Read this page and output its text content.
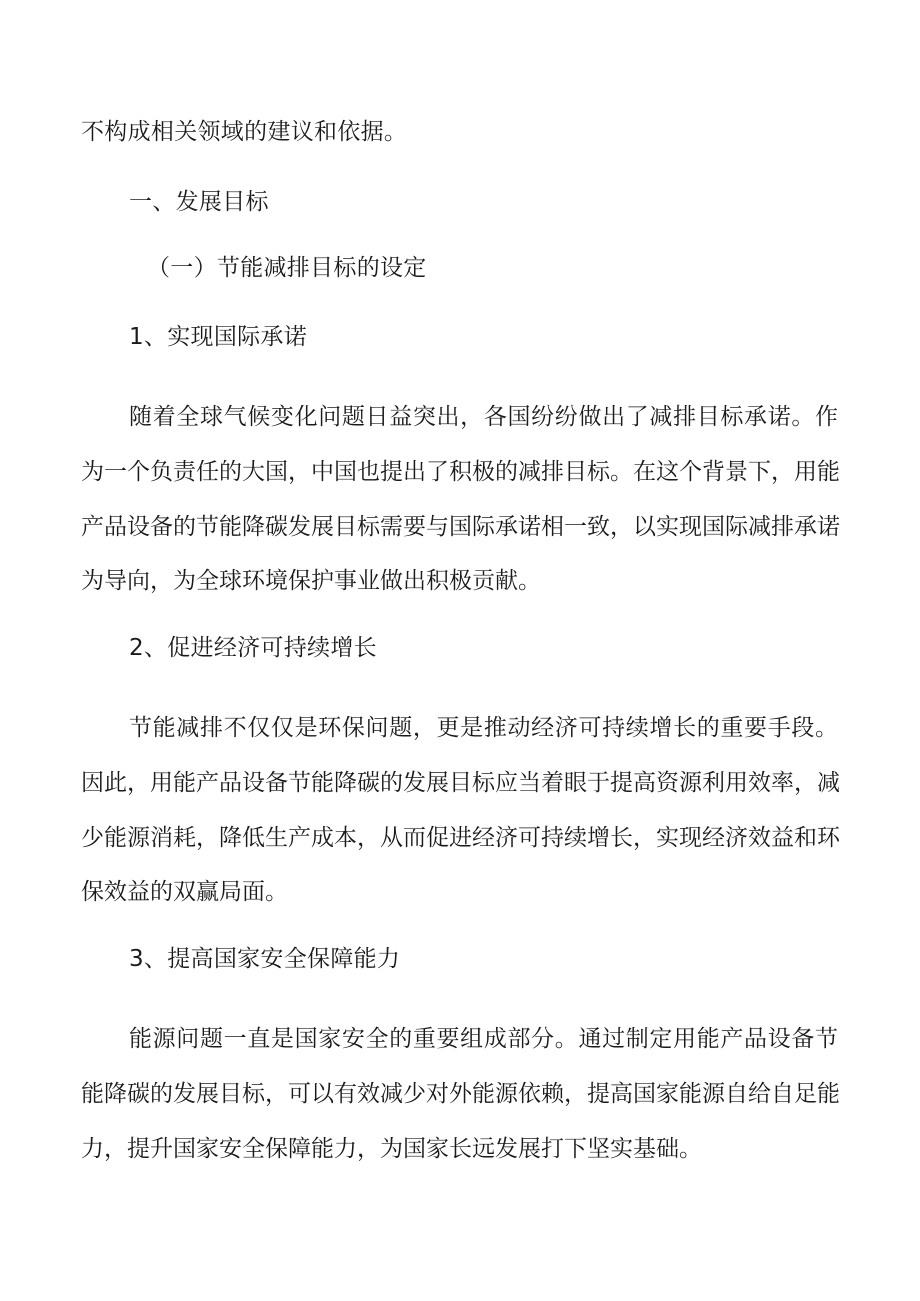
不构成相关领域的建议和依据。
一、发展目标
（一）节能减排目标的设定
1、实现国际承诺
随着全球气候变化问题日益突出，各国纷纷做出了减排目标承诺。作
为一个负责任的大国，中国也提出了积极的减排目标。在这个背景下，用能
产品设备的节能降碳发展目标需要与国际承诺相一致，以实现国际减排承诺
为导向，为全球环境保护事业做出积极贡献。
2、促进经济可持续增长
节能减排不仅仅是环保问题，更是推动经济可持续增长的重要手段。
因此，用能产品设备节能降碳的发展目标应当着眼于提高资源利用效率，减
少能源消耗，降低生产成本，从而促进经济可持续增长，实现经济效益和环
保效益的双赢局面。
3、提高国家安全保障能力
能源问题一直是国家安全的重要组成部分。通过制定用能产品设备节
能降碳的发展目标，可以有效减少对外能源依赖，提高国家能源自给自足能
力，提升国家安全保障能力，为国家长远发展打下坚实基础。
